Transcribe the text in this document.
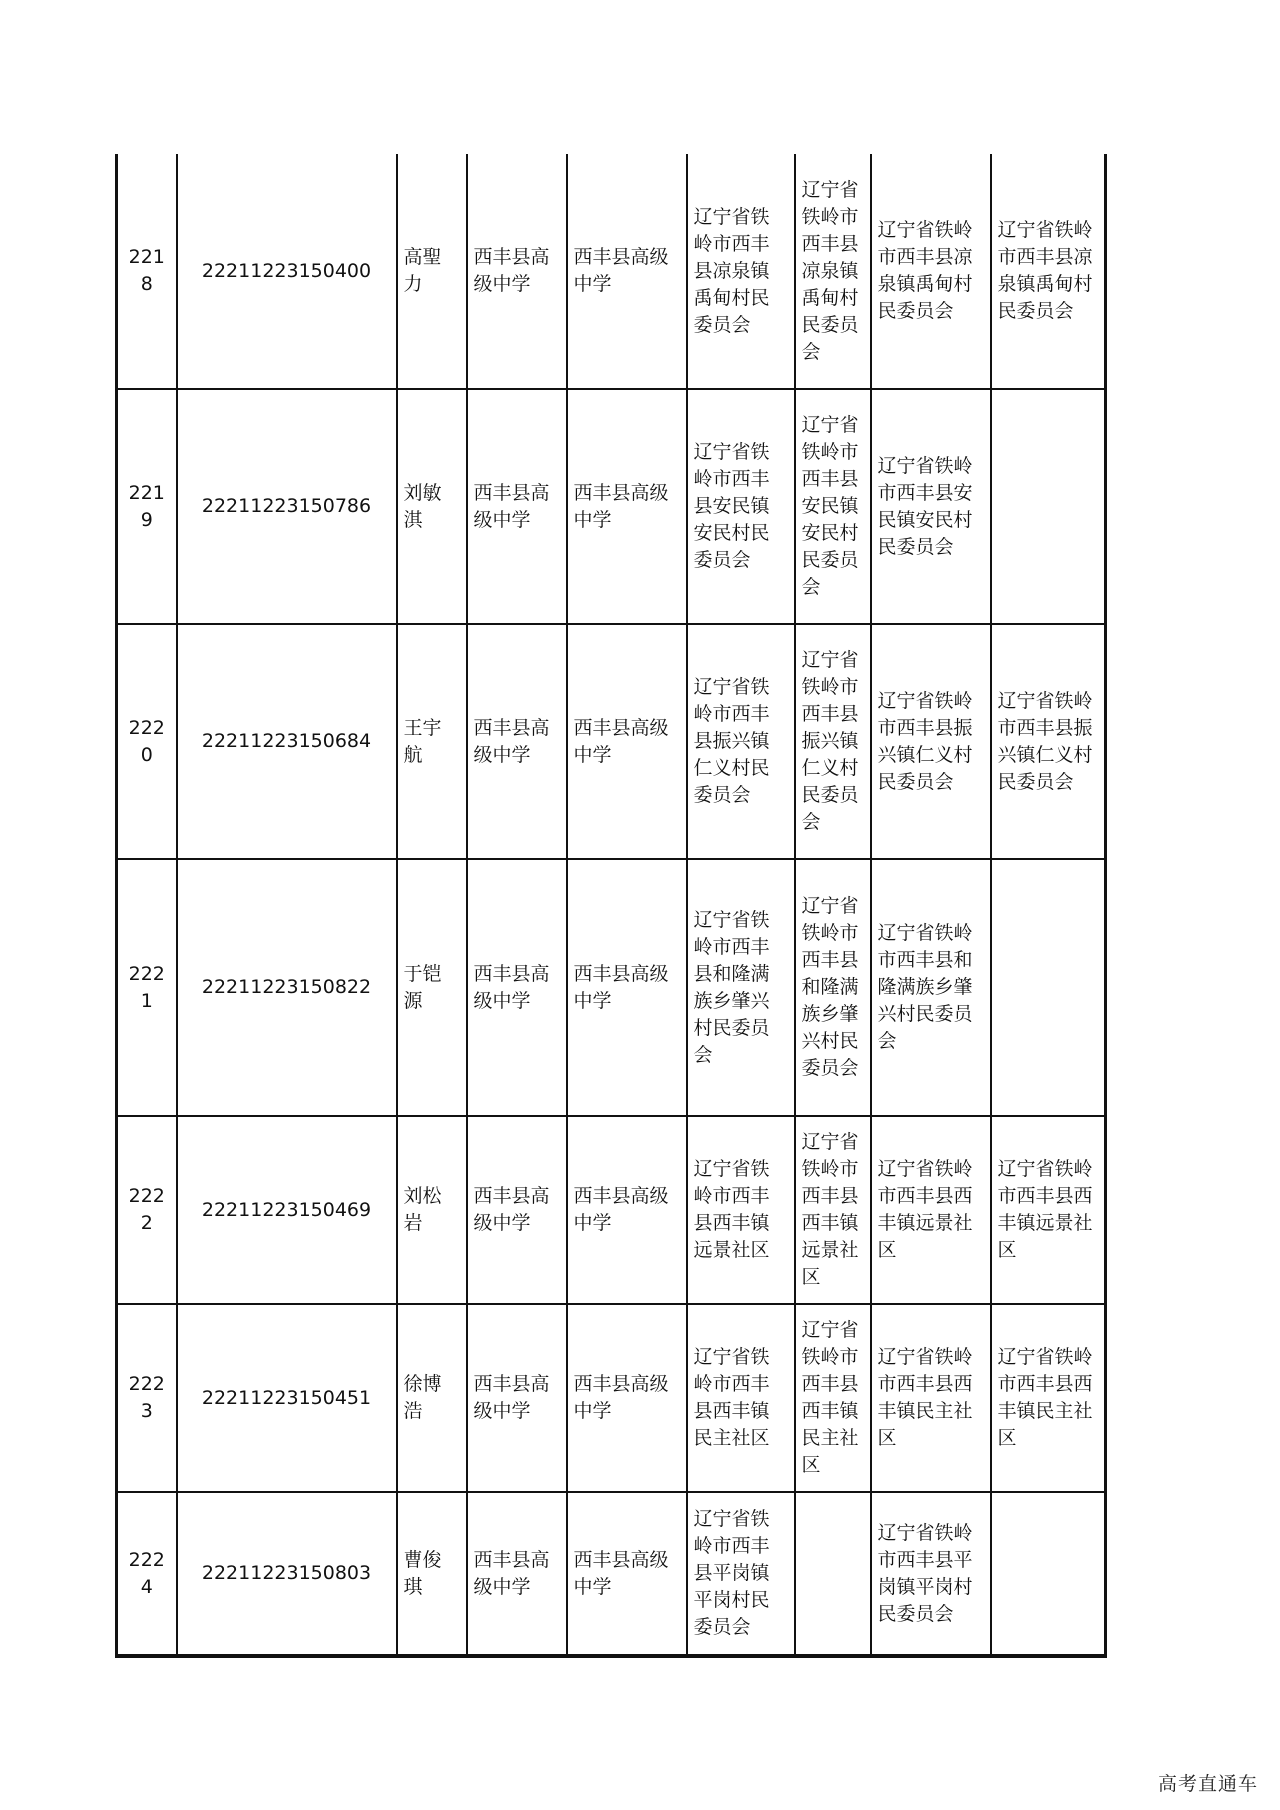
2218	22211223150400	高聖力	西丰县高级中学	西丰县高级中学	辽宁省铁岭市西丰县凉泉镇禹甸村民委员会	辽宁省铁岭市西丰县凉泉镇禹甸村民委员会	辽宁省铁岭市西丰县凉泉镇禹甸村民委员会	辽宁省铁岭市西丰县凉泉镇禹甸村民委员会
2219	22211223150786	刘敏淇	西丰县高级中学	西丰县高级中学	辽宁省铁岭市西丰县安民镇安民村民委员会	辽宁省铁岭市西丰县安民镇安民村民委员会	辽宁省铁岭市西丰县安民镇安民村民委员会	
2220	22211223150684	王宇航	西丰县高级中学	西丰县高级中学	辽宁省铁岭市西丰县振兴镇仁义村民委员会	辽宁省铁岭市西丰县振兴镇仁义村民委员会	辽宁省铁岭市西丰县振兴镇仁义村民委员会	辽宁省铁岭市西丰县振兴镇仁义村民委员会
2221	22211223150822	于铠源	西丰县高级中学	西丰县高级中学	辽宁省铁岭市西丰县和隆满族乡肇兴村民委员会	辽宁省铁岭市西丰县和隆满族乡肇兴村民委员会	辽宁省铁岭市西丰县和隆满族乡肇兴村民委员会	
2222	22211223150469	刘松岩	西丰县高级中学	西丰县高级中学	辽宁省铁岭市西丰县西丰镇远景社区	辽宁省铁岭市西丰县西丰镇远景社区	辽宁省铁岭市西丰县西丰镇远景社区	辽宁省铁岭市西丰县西丰镇远景社区
2223	22211223150451	徐博浩	西丰县高级中学	西丰县高级中学	辽宁省铁岭市西丰县西丰镇民主社区	辽宁省铁岭市西丰县西丰镇民主社区	辽宁省铁岭市西丰县西丰镇民主社区	辽宁省铁岭市西丰县西丰镇民主社区
2224	22211223150803	曹俊琪	西丰县高级中学	西丰县高级中学	辽宁省铁岭市西丰县平岗镇平岗村民委员会		辽宁省铁岭市西丰县平岗镇平岗村民委员会	
高考直通车
